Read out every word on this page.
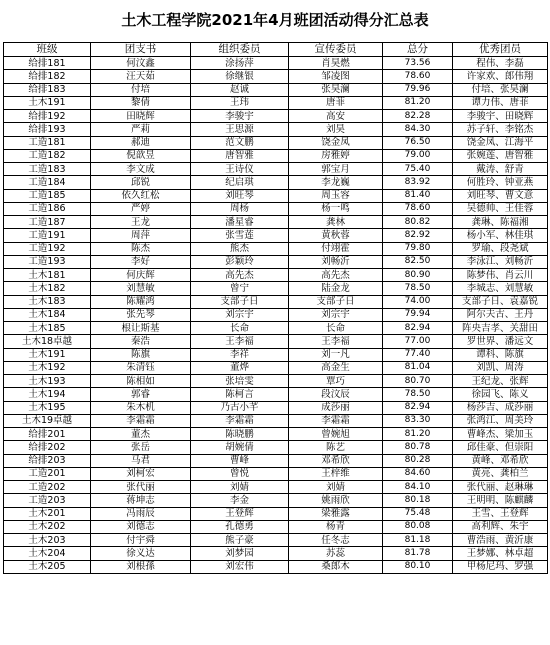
土木工程学院2021年4月班团活动得分汇总表
班级	团支书	组织委员	宣传委员	总分	优秀团员
给排181	何汶鑫	涂扬萍	肖昊燃	73.56	程伟、李磊
给排182	汪天茹	徐继银	邹凌图	78.60	许家欢、郎伟翔
给排183	付培	赵诚	张昊澜	79.96	付培、张昊澜
土木191	黎倩	王玮	唐菲	81.20	谭力伟、唐菲
给排192	田晓辉	李骏宇	高安	82.28	李骏宇、田晓辉
给排193	严莉	王思源	刘昊	84.30	苏子轩、李铭杰
工造181	郝迪	范文鹏	饶金凤	76.50	饶金凤、江海平
工造182	倪歆昱	唐智雅	房雅婷	79.00	张婉莲、唐智雅
工造183	李文成	王诗仪	郭宝月	75.40	戴涛、舒青
工造184	邱锐	纪启琪	李龙巍	83.92	何胜玲、钟亚燕
工造185	依久红松	刘旺琴	周玉容	81.40	刘旺琴、曹文意
工造186	严婷	周杨	杨一鸣	78.60	吴德帅、王佳蓉
工造187	王龙	潘星睿	龚林	80.82	龚琳、陈福湘
工造191	周萍	张雪莲	黄秋蓉	82.92	杨小军、林佳琪
工造192	陈杰	熊杰	付翊霍	79.80	罗瑜、段尧斌
工造193	李好	彭颖玲	刘畅沂	82.50	李泳江、刘畅沂
土木181	何庆辉	高先杰	高先杰	80.90	陈梦伟、肖云川
土木182	刘慧敏	曾宁	陆金龙	78.50	李城志、刘慧敏
土木183	陈耀鸿	支部子日	支部子日	74.00	支部子日、袁嘉锐
土木184	张先琴	刘宗宇	刘宗宇	79.94	阿尔夫古、王丹
土木185	根让斯基	长命	长命	82.94	阵央吉孝、关甜田
土木18卓越	秦浩	王李福	王李福	77.00	罗世界、潘远文
土木191	陈旗	李祥	刘一凡	77.40	谭科、陈旗
土木192	朱清钰	董烨	高金生	81.04	刘凯、周涛
土木193	陈相如	张培雯	覃巧	80.70	王纪龙、张辉
土木194	郭睿	陈柯言	段汶辰	78.50	徐园飞、陈义
土木195	朱木机	乃古小芊	成莎丽	82.94	杨莎吉、成莎丽
土木19卓越	李霜霜	李霜霜	李霜霜	83.30	张鸿江、周美玲
给排201	董杰	陈晓鹏	曾婉旭	81.20	曹峰杰、梁加玉
给排202	张岳	胡婉倩	陈艺	80.78	邱佳豪、但崇阳
给排203	马君	曹峰	邓希欣	80.28	黄峰、邓希欣
工造201	刘柯宏	曾悦	王梓维	84.60	黄亮、龚柏兰
工造202	张代丽	刘婧	刘婧	84.10	张代丽、赵琳琳
工造203	蒋坤志	李金	姚雨欣	80.18	王明明、陈麒麟
土木201	冯雨辰	王登辉	梁雅露	75.48	王雪、王登辉
土木202	刘德志	孔德勇	杨青	80.08	高利辉、朱宇
土木203	付宇舜	熊子豪	任冬志	81.18	曹浩雨、黄沂康
土木204	徐义达	刘梦园	苏蕊	81.78	王梦娜、林卓超
土木205	刘根孫	刘宏伟	桑郎木	80.10	甲杨尼玛、罗强
